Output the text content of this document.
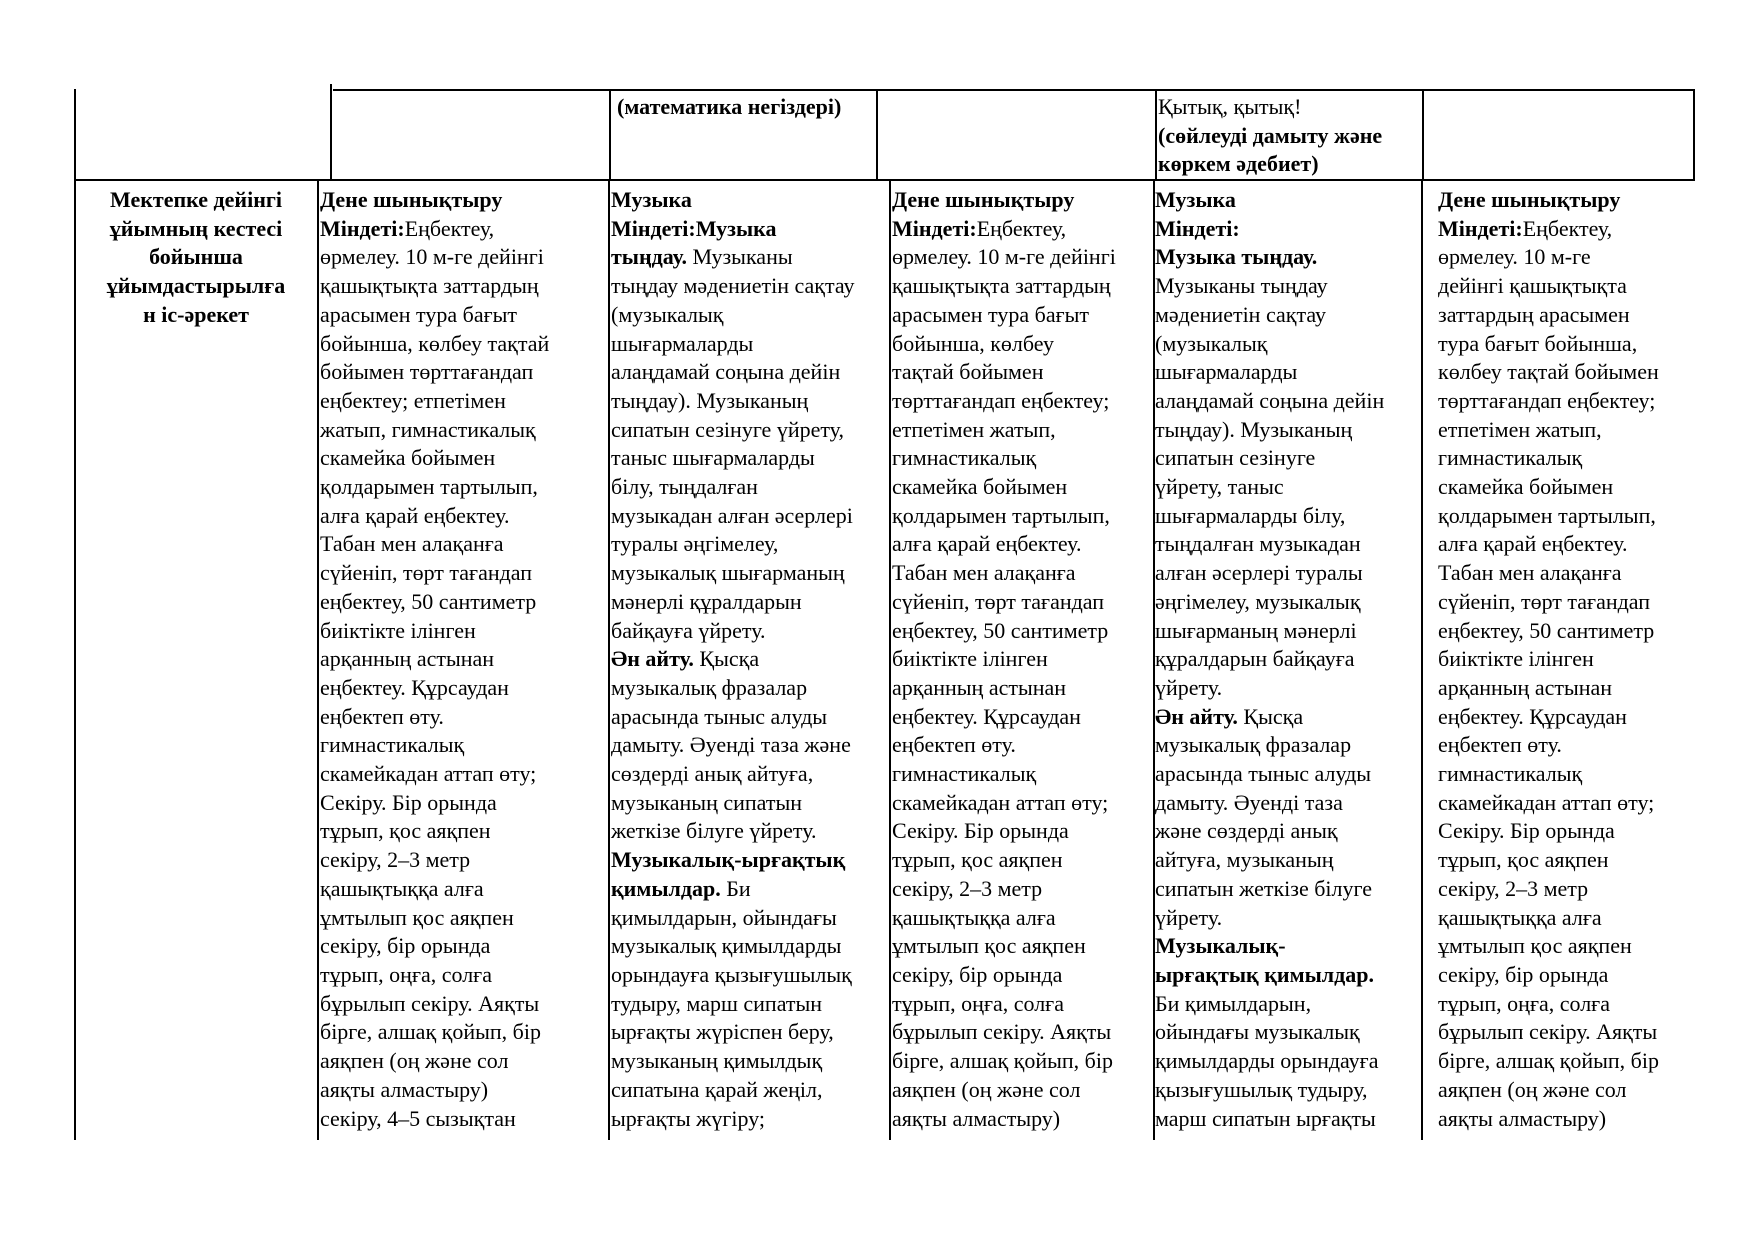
(математика негіздері)	Қытық, қытық!
(сөйлеуді дамыту және
көркем әдебиет)
Мектепке дейінгі
ұйымның кестесі
бойынша
ұйымдастырылға
н іс-әрекет
Дене шынықтыру
Міндеті:Еңбектеу,
өрмелеу. 10 м-ге дейінгі
қашықтықта заттардың
арасымен тура бағыт
бойынша, көлбеу тақтай
бойымен төрттағандап
еңбектеу; етпетімен
жатып, гимнастикалық
скамейка бойымен
қолдарымен тартылып,
алға қарай еңбектеу.
Табан мен алақанға
сүйеніп, төрт тағандап
еңбектеу, 50 сантиметр
биіктікте ілінген
арқанның астынан
еңбектеу. Құрсаудан
еңбектеп өту.
гимнастикалық
скамейкадан аттап өту;
Секіру. Бір орында
тұрып, қос аяқпен
секіру, 2–3 метр
қашықтыққа алға
ұмтылып қос аяқпен
секіру, бір орында
тұрып, оңға, солға
бұрылып секіру. Аяқты
бірге, алшақ қойып, бір
аяқпен (оң және сол
аяқты алмастыру)
секіру, 4–5 сызықтан
Музыка
Міндеті:Музыка
тыңдау. Музыканы
тыңдау мәдениетін сақтау
(музыкалық
шығармаларды
алаңдамай соңына дейін
тыңдау). Музыканың
сипатын сезінуге үйрету,
таныс шығармаларды
білу, тыңдалған
музыкадан алған әсерлері
туралы әңгімелеу,
музыкалық шығарманың
мәнерлі құралдарын
байқауға үйрету.
Ән айту. Қысқа
музыкалық фразалар
арасында тыныс алуды
дамыту. Әуенді таза және
сөздерді анық айтуға,
музыканың сипатын
жеткізе білуге үйрету.
Музыкалық-ырғақтық
қимылдар. Би
қимылдарын, ойындағы
музыкалық қимылдарды
орындауға қызығушылық
тудыру, марш сипатын
ырғақты жүріспен беру,
музыканың қимылдық
сипатына қарай жеңіл,
ырғақты жүгіру;
Дене шынықтыру
Міндеті:Еңбектеу,
өрмелеу. 10 м-ге дейінгі
қашықтықта заттардың
арасымен тура бағыт
бойынша, көлбеу
тақтай бойымен
төрттағандап еңбектеу;
етпетімен жатып,
гимнастикалық
скамейка бойымен
қолдарымен тартылып,
алға қарай еңбектеу.
Табан мен алақанға
сүйеніп, төрт тағандап
еңбектеу, 50 сантиметр
биіктікте ілінген
арқанның астынан
еңбектеу. Құрсаудан
еңбектеп өту.
гимнастикалық
скамейкадан аттап өту;
Секіру. Бір орында
тұрып, қос аяқпен
секіру, 2–3 метр
қашықтыққа алға
ұмтылып қос аяқпен
секіру, бір орында
тұрып, оңға, солға
бұрылып секіру. Аяқты
бірге, алшақ қойып, бір
аяқпен (оң және сол
аяқты алмастыру)
Музыка
Міндеті:
Музыка тыңдау.
Музыканы тыңдау
мәдениетін сақтау
(музыкалық
шығармаларды
алаңдамай соңына дейін
тыңдау). Музыканың
сипатын сезінуге
үйрету, таныс
шығармаларды білу,
тыңдалған музыкадан
алған әсерлері туралы
әңгімелеу, музыкалық
шығарманың мәнерлі
құралдарын байқауға
үйрету.
Ән айту. Қысқа
музыкалық фразалар
арасында тыныс алуды
дамыту. Әуенді таза
және сөздерді анық
айтуға, музыканың
сипатын жеткізе білуге
үйрету.
Музыкалық-
ырғақтық қимылдар.
Би қимылдарын,
ойындағы музыкалық
қимылдарды орындауға
қызығушылық тудыру,
марш сипатын ырғақты
Дене шынықтыру
Міндеті:Еңбектеу,
өрмелеу. 10 м-ге
дейінгі қашықтықта
заттардың арасымен
тура бағыт бойынша,
көлбеу тақтай бойымен
төрттағандап еңбектеу;
етпетімен жатып,
гимнастикалық
скамейка бойымен
қолдарымен тартылып,
алға қарай еңбектеу.
Табан мен алақанға
сүйеніп, төрт тағандап
еңбектеу, 50 сантиметр
биіктікте ілінген
арқанның астынан
еңбектеу. Құрсаудан
еңбектеп өту.
гимнастикалық
скамейкадан аттап өту;
Секіру. Бір орында
тұрып, қос аяқпен
секіру, 2–3 метр
қашықтыққа алға
ұмтылып қос аяқпен
секіру, бір орында
тұрып, оңға, солға
бұрылып секіру. Аяқты
бірге, алшақ қойып, бір
аяқпен (оң және сол
аяқты алмастыру)
